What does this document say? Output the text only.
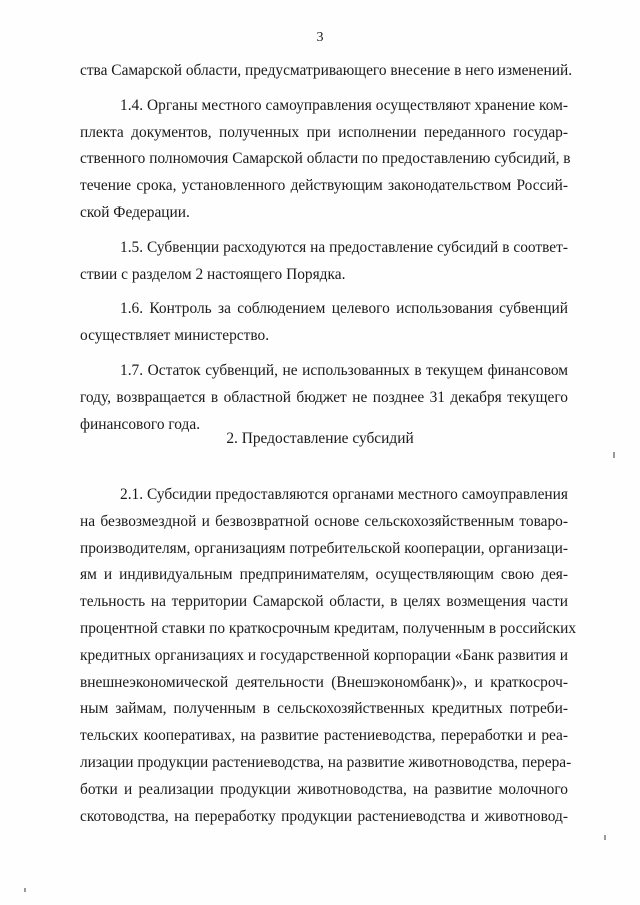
3
ства Самарской области, предусматривающего внесение в него изменений.
1.4. Органы местного самоуправления осуществляют хранение ком-
плекта документов, полученных при исполнении переданного государ-
ственного полномочия Самарской области по предоставлению субсидий, в
течение срока, установленного действующим законодательством Россий-
ской Федерации.
1.5. Субвенции расходуются на предоставление субсидий в соответ-
ствии с разделом 2 настоящего Порядка.
1.6. Контроль за соблюдением целевого использования субвенций
осуществляет министерство.
1.7. Остаток субвенций, не использованных в текущем финансовом
году, возвращается в областной бюджет не позднее 31 декабря текущего
финансового года.
2. Предоставление субсидий
2.1. Субсидии предоставляются органами местного самоуправления
на безвозмездной и безвозвратной основе сельскохозяйственным товаро-
производителям, организациям потребительской кооперации, организаци-
ям и индивидуальным предпринимателям, осуществляющим свою дея-
тельность на территории Самарской области, в целях возмещения части
процентной ставки по краткосрочным кредитам, полученным в российских
кредитных организациях и государственной корпорации «Банк развития и
внешнеэкономической деятельности (Внешэкономбанк)», и краткосроч-
ным займам, полученным в сельскохозяйственных кредитных потреби-
тельских кооперативах, на развитие растениеводства, переработки и реа-
лизации продукции растениеводства, на развитие животноводства, перера-
ботки и реализации продукции животноводства, на развитие молочного
скотоводства, на переработку продукции растениеводства и животновод-
